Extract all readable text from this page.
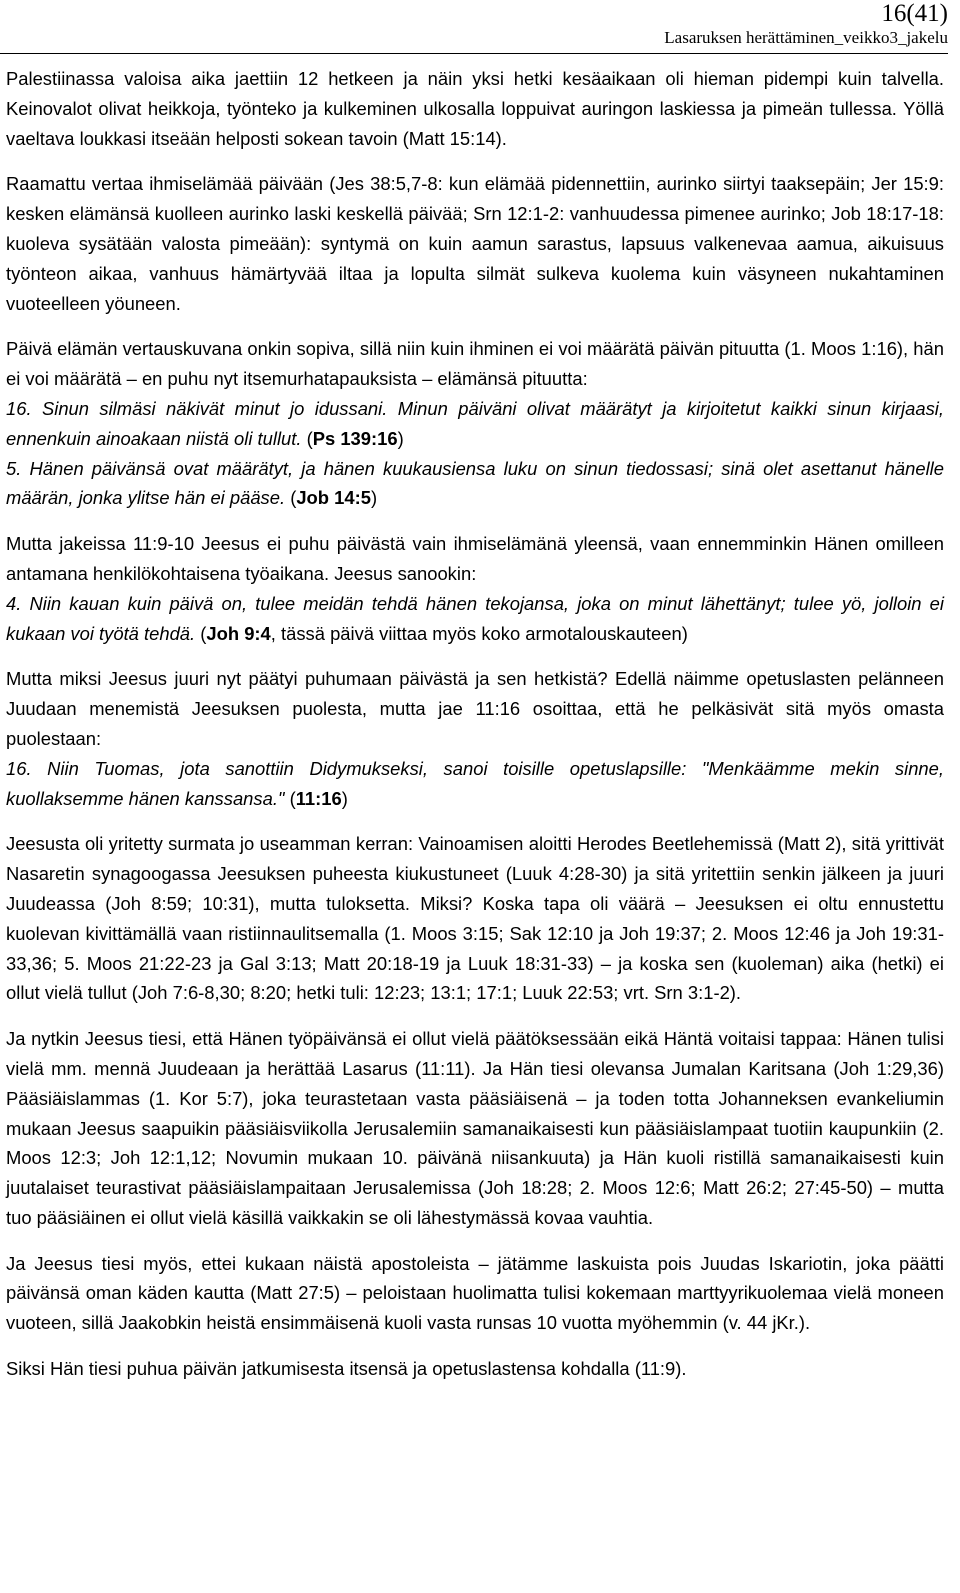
16(41)
Lasaruksen herättäminen_veikko3_jakelu

Palestiinassa valoisa aika jaettiin 12 hetkeen ja näin yksi hetki kesäaikaan oli hieman pidempi kuin talvella. Keinovalot olivat heikkoja, työnteko ja kulkeminen ulkosalla loppuivat auringon laskiessa ja pimeän tullessa. Yöllä vaeltava loukkasi itseään helposti sokean tavoin (Matt 15:14).

Raamattu vertaa ihmiselämää päivään (Jes 38:5,7-8: kun elämää pidennettiin, aurinko siirtyi taaksepäin; Jer 15:9: kesken elämänsä kuolleen aurinko laski keskellä päivää; Srn 12:1-2: vanhuudessa pimenee aurinko; Job 18:17-18: kuoleva sysätään valosta pimeään): syntymä on kuin aamun sarastus, lapsuus valkenevaa aamua, aikuisuus työnteon aikaa, vanhuus hämärtyvää iltaa ja lopulta silmät sulkeva kuolema kuin väsyneen nukahtaminen vuoteelleen yöuneen.

Päivä elämän vertauskuvana onkin sopiva, sillä niin kuin ihminen ei voi määrätä päivän pituutta (1. Moos 1:16), hän ei voi määrätä – en puhu nyt itsemurhatapauksista – elämänsä pituutta:

16. Sinun silmäsi näkivät minut jo idussani. Minun päiväni olivat määrätyt ja kirjoitetut kaikki sinun kirjaasi, ennenkuin ainoakaan niistä oli tullut. (Ps 139:16)

5. Hänen päivänsä ovat määrätyt, ja hänen kuukausiensa luku on sinun tiedossasi; sinä olet asettanut hänelle määrän, jonka ylitse hän ei pääse. (Job 14:5)

Mutta jakeissa 11:9-10 Jeesus ei puhu päivästä vain ihmiselämänä yleensä, vaan ennemminkin Hänen omilleen antamana henkilökohtaisena työaikana. Jeesus sanookin:

4. Niin kauan kuin päivä on, tulee meidän tehdä hänen tekojansa, joka on minut lähettänyt; tulee yö, jolloin ei kukaan voi työtä tehdä. (Joh 9:4, tässä päivä viittaa myös koko armotalouskauteen)

Mutta miksi Jeesus juuri nyt päätyi puhumaan päivästä ja sen hetkistä? Edellä näimme opetuslasten pelänneen Juudaan menemistä Jeesuksen puolesta, mutta jae 11:16 osoittaa, että he pelkäsivät sitä myös omasta puolestaan:

16. Niin Tuomas, jota sanottiin Didymukseksi, sanoi toisille opetuslapsille: "Menkäämme mekin sinne, kuollaksemme hänen kanssansa." (11:16)

Jeesusta oli yritetty surmata jo useamman kerran: Vainoamisen aloitti Herodes Beetlehemissä (Matt 2), sitä yrittivät Nasaretin synagoogassa Jeesuksen puheesta kiukustuneet (Luuk 4:28-30) ja sitä yritettiin senkin jälkeen ja juuri Juudeassa (Joh 8:59; 10:31), mutta tuloksetta. Miksi? Koska tapa oli väärä – Jeesuksen ei oltu ennustettu kuolevan kivittämällä vaan ristiinnaulitsemalla (1. Moos 3:15; Sak 12:10 ja Joh 19:37; 2. Moos 12:46 ja Joh 19:31-33,36; 5. Moos 21:22-23 ja Gal 3:13; Matt 20:18-19 ja Luuk 18:31-33) – ja koska sen (kuoleman) aika (hetki) ei ollut vielä tullut (Joh 7:6-8,30; 8:20; hetki tuli: 12:23; 13:1; 17:1; Luuk 22:53; vrt. Srn 3:1-2).

Ja nytkin Jeesus tiesi, että Hänen työpäivänsä ei ollut vielä päätöksessään eikä Häntä voitaisi tappaa: Hänen tulisi vielä mm. mennä Juudeaan ja herättää Lasarus (11:11). Ja Hän tiesi olevansa Jumalan Karitsana (Joh 1:29,36) Pääsiäislammas (1. Kor 5:7), joka teurastetaan vasta pääsiäisenä – ja toden totta Johanneksen evankeliumin mukaan Jeesus saapuikin pääsiäisviikolla Jerusalemiin samanaikaisesti kun pääsiäislampaat tuotiin kaupunkiin (2. Moos 12:3; Joh 12:1,12; Novumin mukaan 10. päivänä niisankuuta) ja Hän kuoli ristillä samanaikaisesti kuin juutalaiset teurastivat pääsiäislampaitaan Jerusalemissa (Joh 18:28; 2. Moos 12:6; Matt 26:2; 27:45-50) – mutta tuo pääsiäinen ei ollut vielä käsillä vaikkakin se oli lähestymässä kovaa vauhtia.

Ja Jeesus tiesi myös, ettei kukaan näistä apostoleista – jätämme laskuista pois Juudas Iskariotin, joka päätti päivänsä oman käden kautta (Matt 27:5) – peloistaan huolimatta tulisi kokemaan marttyyrikuolemaa vielä moneen vuoteen, sillä Jaakobkin heistä ensimmäisenä kuoli vasta runsas 10 vuotta myöhemmin (v. 44 jKr.).

Siksi Hän tiesi puhua päivän jatkumisesta itsensä ja opetuslastensa kohdalla (11:9).
